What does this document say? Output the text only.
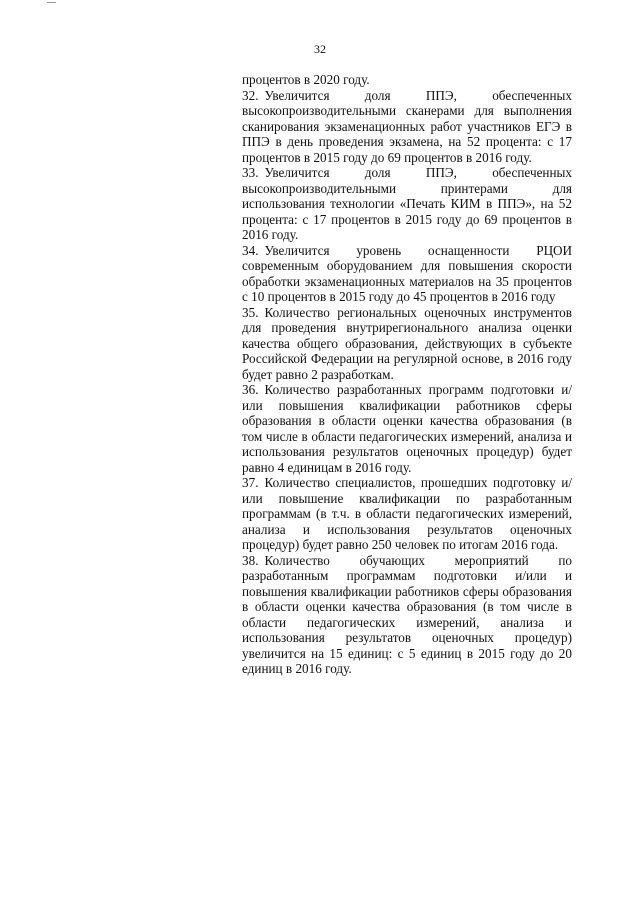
32

процентов в 2020 году.

32. Увеличится доля ППЭ, обеспеченных высокопроизводительными сканерами для выполнения сканирования экзаменационных работ участников ЕГЭ в ППЭ в день проведения экзамена, на 52 процента: с 17 процентов в 2015 году до 69 процентов в 2016 году.

33. Увеличится доля ППЭ, обеспеченных высокопроизводительными принтерами для использования технологии «Печать КИМ в ППЭ», на 52 процента: с 17 процентов в 2015 году до 69 процентов в 2016 году.

34. Увеличится уровень оснащенности РЦОИ современным оборудованием для повышения скорости обработки экзаменационных материалов на 35 процентов с 10 процентов в 2015 году до 45 процентов в 2016 году

35. Количество региональных оценочных инструментов для проведения внутрирегионального анализа оценки качества общего образования, действующих в субъекте Российской Федерации на регулярной основе, в 2016 году будет равно 2 разработкам.

36. Количество разработанных программ подготовки и/или повышения квалификации работников сферы образования в области оценки качества образования (в том числе в области педагогических измерений, анализа и использования результатов оценочных процедур) будет равно 4 единицам в 2016 году.

37. Количество специалистов, прошедших подготовку и/или повышение квалификации по разработанным программам (в т.ч. в области педагогических измерений, анализа и использования результатов оценочных процедур) будет равно 250 человек по итогам 2016 года.

38. Количество обучающих мероприятий по разработанным программам подготовки и/или и повышения квалификации работников сферы образования в области оценки качества образования (в том числе в области педагогических измерений, анализа и использования результатов оценочных процедур) увеличится на 15 единиц: с 5 единиц в 2015 году до 20 единиц в 2016 году.
